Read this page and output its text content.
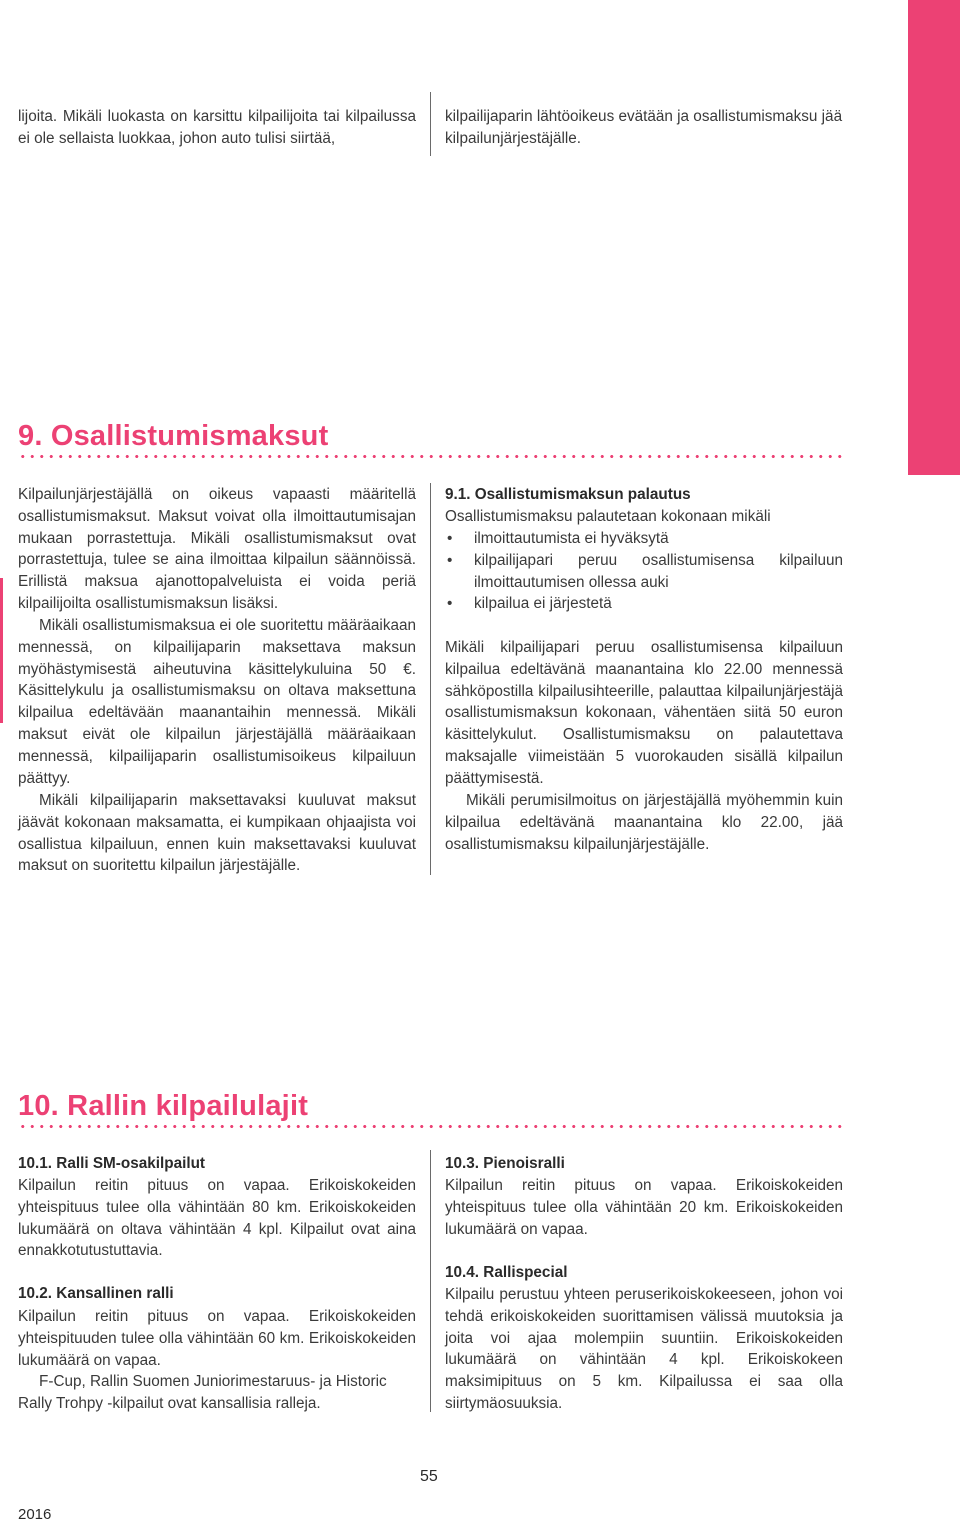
lijoita. Mikäli luokasta on karsittu kilpailijoita tai kilpailussa ei ole sellaista luokkaa, johon auto tulisi siirtää,

kilpailijaparin lähtöoikeus evätään ja osallistumismaksu jää kilpailunjärjestäjälle.

9. Osallistumismaksut

Kilpailunjärjestäjällä on oikeus vapaasti määritellä osallistumismaksut. Maksut voivat olla ilmoittautumisajan mukaan porrastettuja. Mikäli osallistumismaksut ovat porrastettuja, tulee se aina ilmoittaa kilpailun säännöissä. Erillistä maksua ajanottopalveluista ei voida periä kilpailijoilta osallistumismaksun lisäksi.

Mikäli osallistumismaksua ei ole suoritettu määräaikaan mennessä, on kilpailijaparin maksettava maksun myöhästymisestä aiheutuvina käsittelykuluina 50 €. Käsittelykulu ja osallistumismaksu on oltava maksettuna kilpailua edeltävään maanantaihin mennessä. Mikäli maksut eivät ole kilpailun järjestäjällä määräaikaan mennessä, kilpailijaparin osallistumisoikeus kilpailuun päättyy.

Mikäli kilpailijaparin maksettavaksi kuuluvat maksut jäävät kokonaan maksamatta, ei kumpikaan ohjaajista voi osallistua kilpailuun, ennen kuin maksettavaksi kuuluvat maksut on suoritettu kilpailun järjestäjälle.

9.1. Osallistumismaksun palautus

Osallistumismaksu palautetaan kokonaan mikäli

• ilmoittautumista ei hyväksytä
• kilpailijapari peruu osallistumisensa kilpailuun ilmoittautumisen ollessa auki
• kilpailua ei järjestetä

Mikäli kilpailijapari peruu osallistumisensa kilpailuun kilpailua edeltävänä maanantaina klo 22.00 mennessä sähköpostilla kilpailusihteerille, palauttaa kilpailunjärjestäjä osallistumismaksun kokonaan, vähentäen siitä 50 euron käsittelykulut. Osallistumismaksu on palautettava maksajalle viimeistään 5 vuorokauden sisällä kilpailun päättymisestä.

Mikäli perumisilmoitus on järjestäjällä myöhemmin kuin kilpailua edeltävänä maanantaina klo 22.00, jää osallistumismaksu kilpailunjärjestäjälle.

10. Rallin kilpailulajit
10.1. Ralli SM-osakilpailut

Kilpailun reitin pituus on vapaa. Erikoiskokeiden yhteispituus tulee olla vähintään 80 km. Erikoiskokeiden lukumäärä on oltava vähintään 4 kpl. Kilpailut ovat aina ennakkotutustuttavia.

10.2. Kansallinen ralli

Kilpailun reitin pituus on vapaa. Erikoiskokeiden yhteispituuden tulee olla vähintään 60 km. Erikoiskokeiden lukumäärä on vapaa.

F-Cup, Rallin Suomen Juniorimestaruus- ja Historic Rally Trohpy -kilpailut ovat kansallisia ralleja.

10.3. Pienoisralli

Kilpailun reitin pituus on vapaa. Erikoiskokeiden yhteispituus tulee olla vähintään 20 km. Erikoiskokeiden lukumäärä on vapaa.

10.4. Rallispecial

Kilpailu perustuu yhteen peruserikoiskokeeseen, johon voi tehdä erikoiskokeiden suorittamisen välissä muutoksia ja joita voi ajaa molempiin suuntiin. Erikoiskokeiden lukumäärä on vähintään 4 kpl. Erikoiskokeen maksimipituus on 5 km. Kilpailussa ei saa olla siirtymäosuuksia.

55
2016
